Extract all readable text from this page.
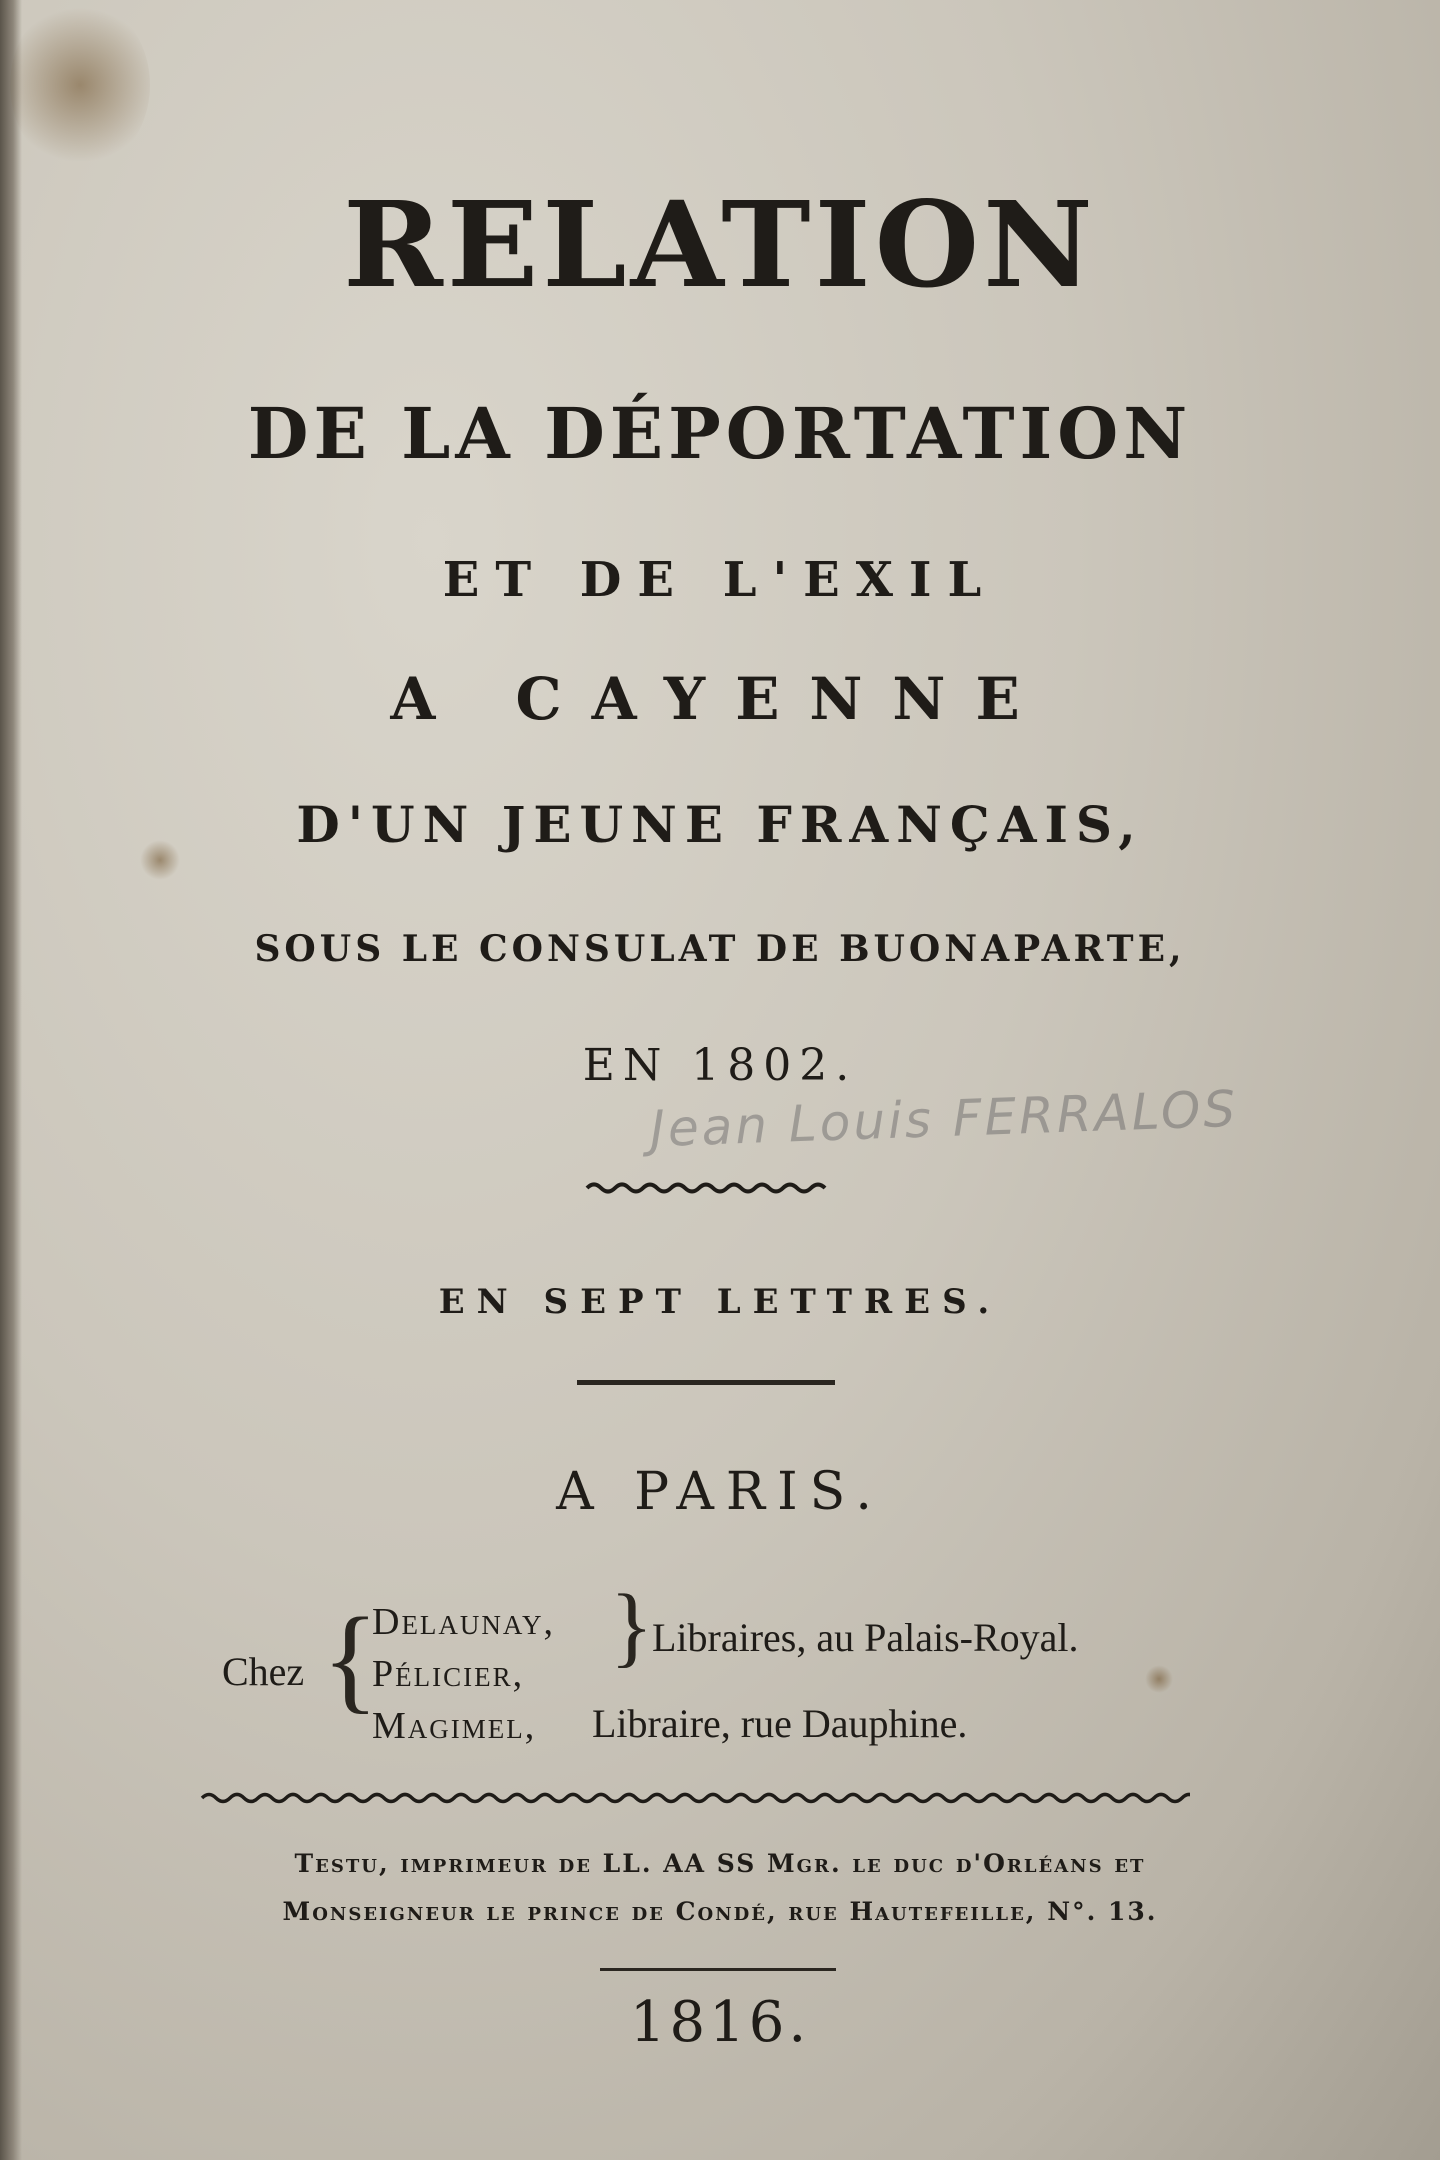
RELATION
DE LA DÉPORTATION
ET DE L'EXIL
A CAYENNE
D'UN JEUNE FRANÇAIS,
SOUS LE CONSULAT DE BUONAPARTE,
EN 1802.
Jean Louis FERRALOS
EN SEPT LETTRES.
A PARIS.
Chez {
Delaunay,
Pélicier,
Magimel,
}
Libraires, au Palais-Royal.
Libraire, rue Dauphine.
Testu, imprimeur de LL. AA SS Mgr. le duc d'Orléans et
Monseigneur le prince de Condé, rue Hautefeille, N°. 13.
1816.
